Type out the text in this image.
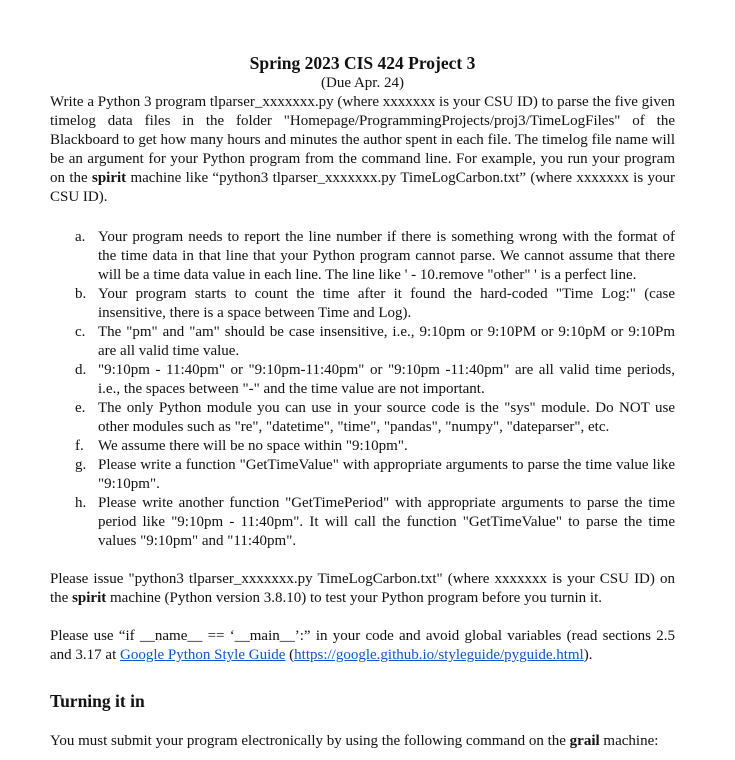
Spring 2023 CIS 424 Project 3

(Due Apr. 24)

Write a Python 3 program tlparser_xxxxxxx.py (where xxxxxxx is your CSU ID) to parse the five given timelog data files in the folder "Homepage/ProgrammingProjects/proj3/TimeLogFiles" of the Blackboard to get how many hours and minutes the author spent in each file. The timelog file name will be an argument for your Python program from the command line. For example, you run your program on the spirit machine like “python3 tlparser_xxxxxxx.py TimeLogCarbon.txt” (where xxxxxxx is your CSU ID).

a. Your program needs to report the line number if there is something wrong with the format of the time data in that line that your Python program cannot parse. We cannot assume that there will be a time data value in each line. The line like ' - 10.remove "other" ' is a perfect line.
b. Your program starts to count the time after it found the hard-coded "Time Log:" (case insensitive, there is a space between Time and Log).
c. The "pm" and "am" should be case insensitive, i.e., 9:10pm or 9:10PM or 9:10pM or 9:10Pm are all valid time value.
d. "9:10pm - 11:40pm" or "9:10pm-11:40pm" or "9:10pm -11:40pm" are all valid time periods, i.e., the spaces between "-" and the time value are not important.
e. The only Python module you can use in your source code is the "sys" module. Do NOT use other modules such as "re", "datetime", "time", "pandas", "numpy", "dateparser", etc.
f. We assume there will be no space within "9:10pm".
g. Please write a function "GetTimeValue" with appropriate arguments to parse the time value like "9:10pm".
h. Please write another function "GetTimePeriod" with appropriate arguments to parse the time period like "9:10pm - 11:40pm". It will call the function "GetTimeValue" to parse the time values "9:10pm" and "11:40pm".

Please issue "python3 tlparser_xxxxxxx.py TimeLogCarbon.txt" (where xxxxxxx is your CSU ID) on the spirit machine (Python version 3.8.10) to test your Python program before you turnin it.

Please use “if __name__ == ‘__main__’:” in your code and avoid global variables (read sections 2.5 and 3.17 at Google Python Style Guide (https://google.github.io/styleguide/pyguide.html).

Turning it in

You must submit your program electronically by using the following command on the grail machine:
